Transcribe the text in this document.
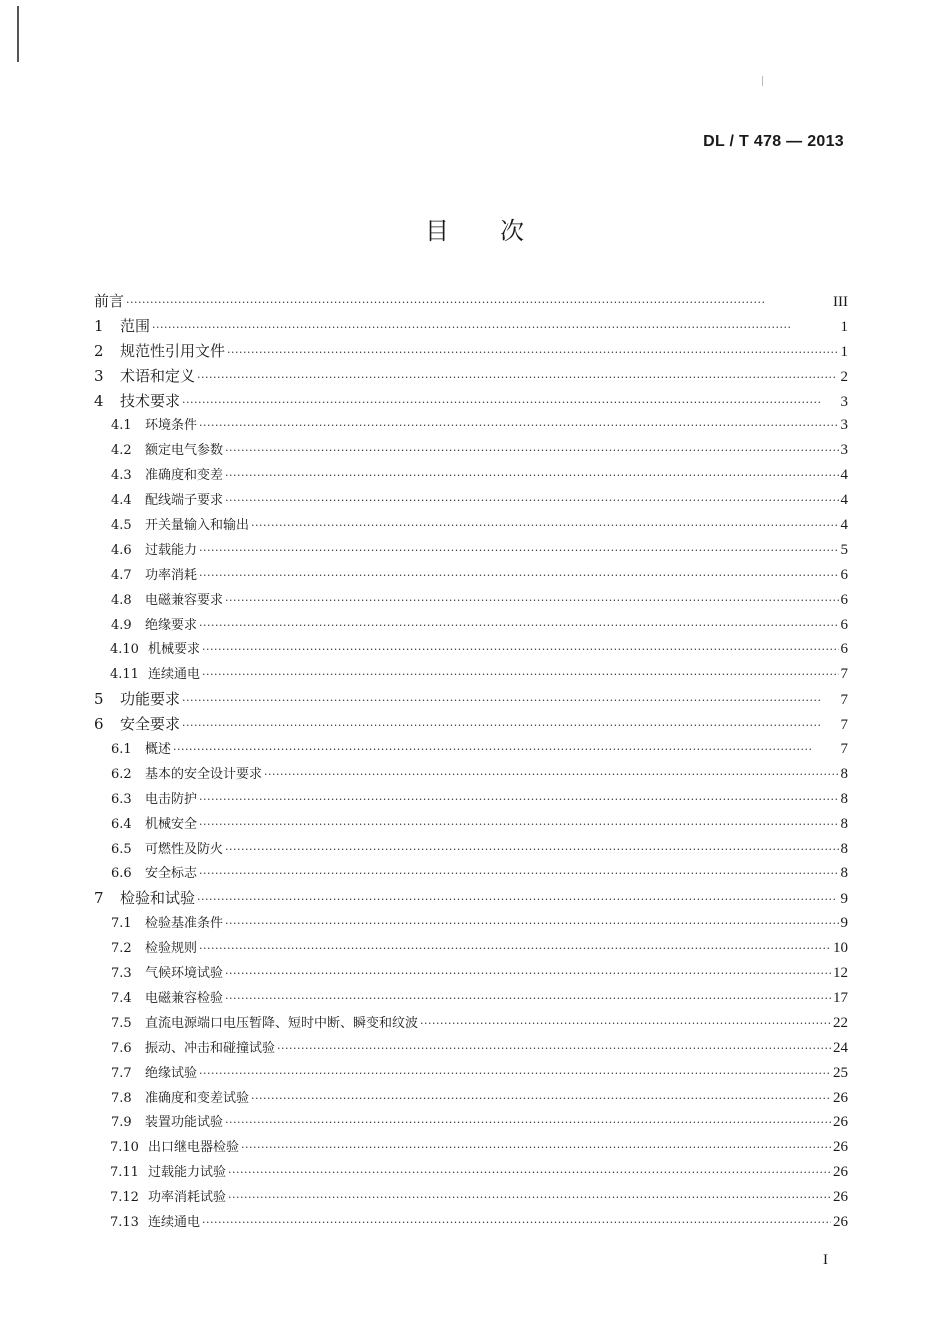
DL / T 478 — 2013
目　　次
前言 ·····	III
1	范围 ·····	1
2	规范性引用文件 ·····	1
3	术语和定义 ·····	2
4	技术要求 ·····	3
4.1	环境条件 ·····	3
4.2	额定电气参数 ·····	3
4.3	准确度和变差 ·····	4
4.4	配线端子要求 ·····	4
4.5	开关量输入和输出 ·····	4
4.6	过载能力 ·····	5
4.7	功率消耗 ·····	6
4.8	电磁兼容要求 ·····	6
4.9	绝缘要求 ·····	6
4.10 机械要求 ·····	6
4.11 连续通电 ·····	7
5	功能要求 ·····	7
6	安全要求 ·····	7
6.1	概述 ·····	7
6.2	基本的安全设计要求 ·····	8
6.3	电击防护 ·····	8
6.4	机械安全 ·····	8
6.5	可燃性及防火 ·····	8
6.6	安全标志 ·····	8
7	检验和试验 ·····	9
7.1	检验基准条件 ·····	9
7.2	检验规则 ·····	10
7.3	气候环境试验 ·····	12
7.4	电磁兼容检验 ·····	17
7.5	直流电源端口电压暂降、短时中断、瞬变和纹波 ·····	22
7.6	振动、冲击和碰撞试验 ·····	24
7.7	绝缘试验 ·····	25
7.8	准确度和变差试验 ·····	26
7.9	装置功能试验 ·····	26
7.10 出口继电器检验 ·····	26
7.11 过载能力试验 ·····	26
7.12 功率消耗试验 ·····	26
7.13 连续通电 ·····	26
I
